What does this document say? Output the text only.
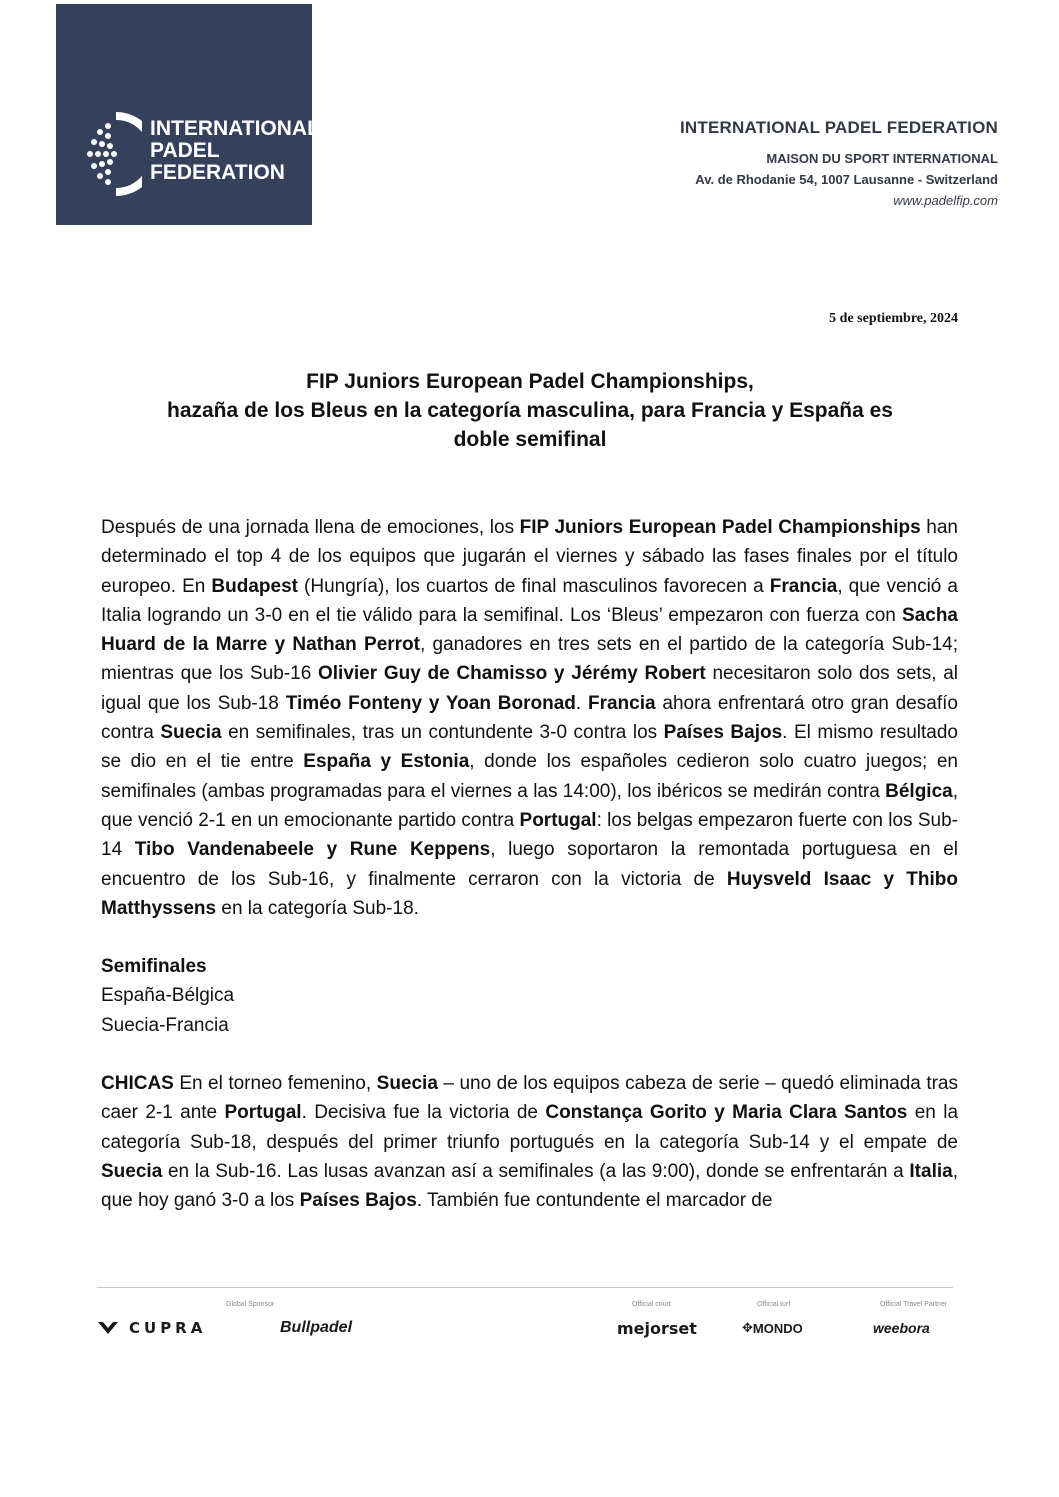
INTERNATIONAL
PADEL
FEDERATION
INTERNATIONAL PADEL FEDERATION
MAISON DU SPORT INTERNATIONAL
Av. de Rhodanie 54, 1007 Lausanne - Switzerland
www.padelfip.com
5 de septiembre, 2024
FIP Juniors European Padel Championships,
hazaña de los Bleus en la categoría masculina, para Francia y España es
doble semifinal

Después de una jornada llena de emociones, los FIP Juniors European Padel Championships han determinado el top 4 de los equipos que jugarán el viernes y sábado las fases finales por el título europeo. En Budapest (Hungría), los cuartos de final masculinos favorecen a Francia, que venció a Italia logrando un 3-0 en el tie válido para la semifinal. Los ‘Bleus’ empezaron con fuerza con Sacha Huard de la Marre y Nathan Perrot, ganadores en tres sets en el partido de la categoría Sub-14; mientras que los Sub-16 Olivier Guy de Chamisso y Jérémy Robert necesitaron solo dos sets, al igual que los Sub-18 Timéo Fonteny y Yoan Boronad. Francia ahora enfrentará otro gran desafío contra Suecia en semifinales, tras un contundente 3-0 contra los Países Bajos. El mismo resultado se dio en el tie entre España y Estonia, donde los españoles cedieron solo cuatro juegos; en semifinales (ambas programadas para el viernes a las 14:00), los ibéricos se medirán contra Bélgica, que venció 2-1 en un emocionante partido contra Portugal: los belgas empezaron fuerte con los Sub-14 Tibo Vandenabeele y Rune Keppens, luego soportaron la remontada portuguesa en el encuentro de los Sub-16, y finalmente cerraron con la victoria de Huysveld Isaac y Thibo Matthyssens en la categoría Sub-18.

Semifinales
España-Bélgica
Suecia-Francia

CHICAS En el torneo femenino, Suecia – uno de los equipos cabeza de serie – quedó eliminada tras caer 2-1 ante Portugal. Decisiva fue la victoria de Constança Gorito y Maria Clara Santos en la categoría Sub-18, después del primer triunfo portugués en la categoría Sub-14 y el empate de Suecia en la Sub-16. Las lusas avanzan así a semifinales (a las 9:00), donde se enfrentarán a Italia, que hoy ganó 3-0 a los Países Bajos. También fue contundente el marcador de

Global Sponsor	Official court	Official turf	Official Travel Partner
CUPRA	Bullpadel	mejorset	✥ MONDO	weebora
